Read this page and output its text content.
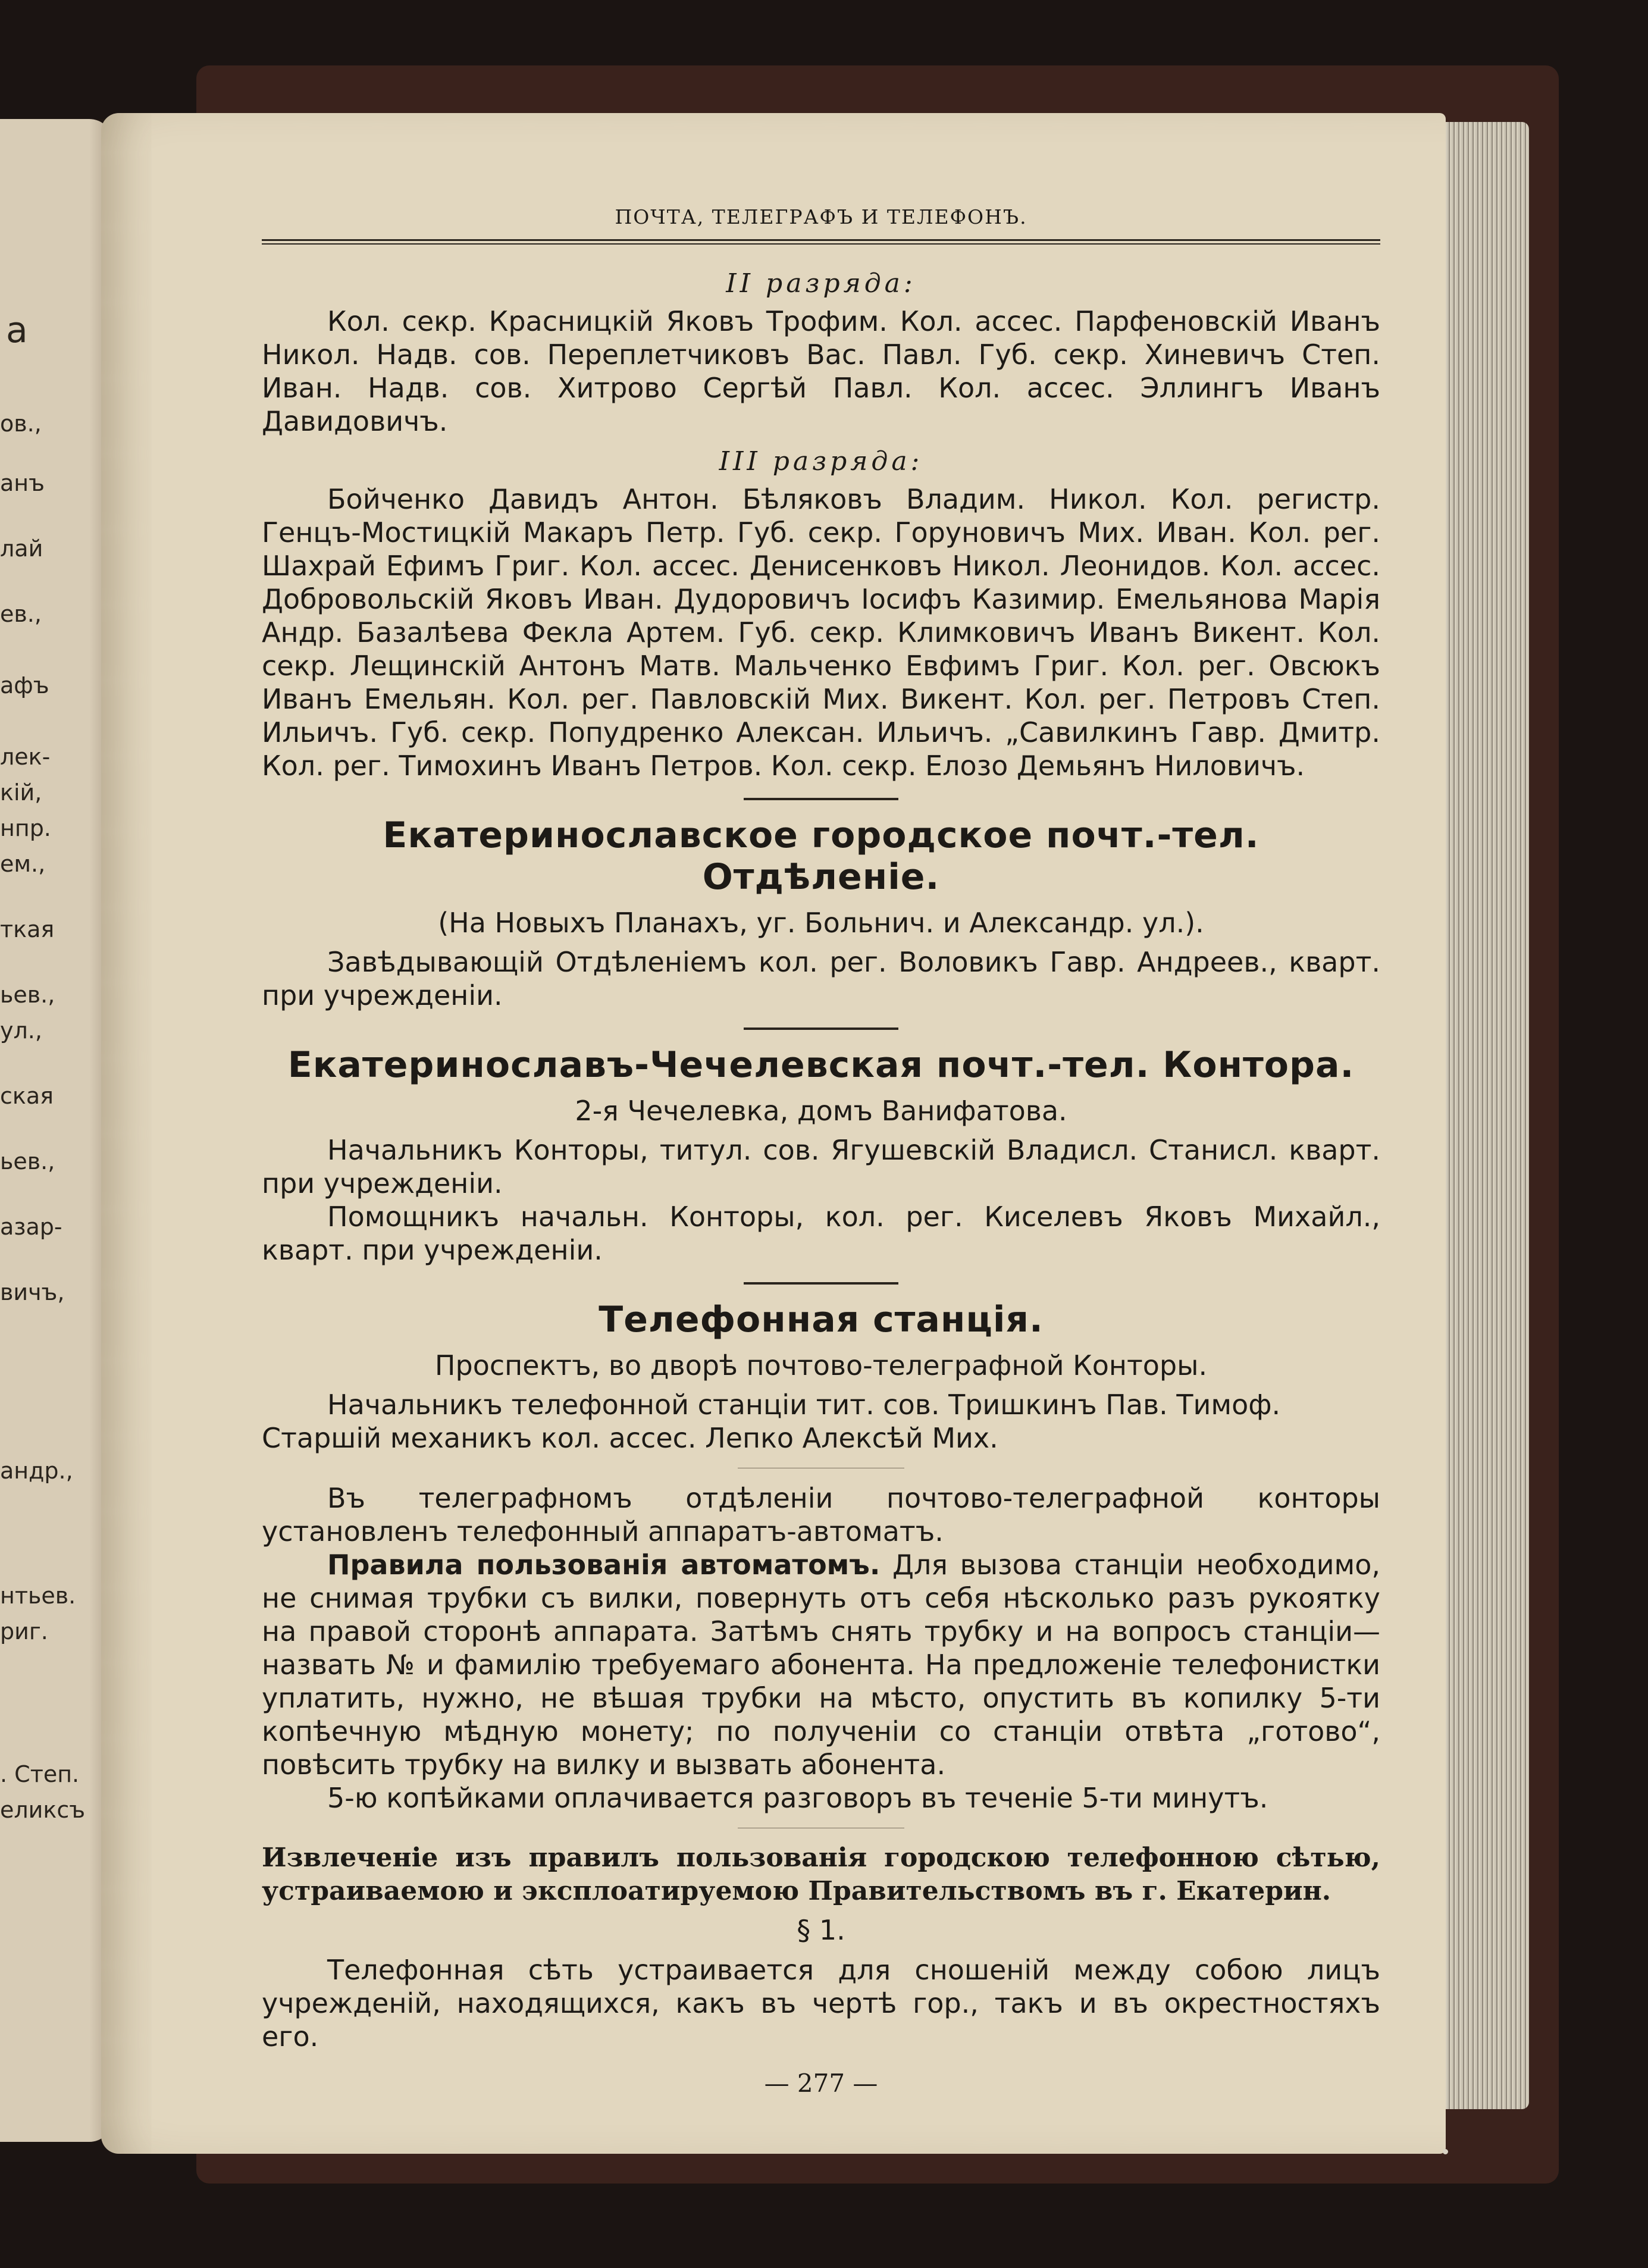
а
ов.,
анъ
лай
ев.,
афъ
лек-
кій,
нпр.
ем.,
ткая
ьев.,
ул.,
ская
ьев.,
азар-
вичъ,
андр.,
нтьев.
риг.
. Степ.
еликсъ
ПОЧТА, ТЕЛЕГРАФЪ И ТЕЛЕФОНЪ.
II разряда:

Кол. секр. Красницкій Яковъ Трофим. Кол. ассес. Парфеновскій Иванъ Никол. Надв. сов. Переплетчиковъ Вас. Павл. Губ. секр. Хиневичъ Степ. Иван. Надв. сов. Хитрово Сергѣй Павл. Кол. ассес. Эллингъ Иванъ Давидовичъ.

III разряда:

Бойченко Давидъ Антон. Бѣляковъ Владим. Никол. Кол. регистр. Генцъ-Мостицкій Макаръ Петр. Губ. секр. Горуновичъ Мих. Иван. Кол. рег. Шахрай Ефимъ Григ. Кол. ассес. Денисенковъ Никол. Леонидов. Кол. ассес. Добровольскій Яковъ Иван. Дудоровичъ Іосифъ Казимир. Емельянова Марія Андр. Базалѣева Фекла Артем. Губ. секр. Климковичъ Иванъ Викент. Кол. секр. Лещинскій Антонъ Матв. Мальченко Евфимъ Григ. Кол. рег. Овсюкъ Иванъ Емельян. Кол. рег. Павловскій Мих. Викент. Кол. рег. Петровъ Степ. Ильичъ. Губ. секр. Попудренко Алексан. Ильичъ. „Савилкинъ Гавр. Дмитр. Кол. рег. Тимохинъ Иванъ Петров. Кол. секр. Елозо Демьянъ Ниловичъ.

Екатеринославское городское почт.-тел. Отдѣленіе.
(На Новыхъ Планахъ, уг. Больнич. и Александр. ул.).

Завѣдывающій Отдѣленіемъ кол. рег. Воловикъ Гавр. Андреев., кварт. при учрежденіи.

Екатеринославъ-Чечелевская почт.-тел. Контора.
2-я Чечелевка, домъ Ванифатова.

Начальникъ Конторы, титул. сов. Ягушевскій Владисл. Станисл. кварт. при учрежденіи.

Помощникъ начальн. Конторы, кол. рег. Киселевъ Яковъ Михайл., кварт. при учрежденіи.

Телефонная станція.
Проспектъ, во дворѣ почтово-телеграфной Конторы.

Начальникъ телефонной станціи тит. сов. Тришкинъ Пав. Тимоф.

Старшій механикъ кол. ассес. Лепко Алексѣй Мих.

Въ телеграфномъ отдѣленіи почтово-телеграфной конторы установленъ телефонный аппаратъ-автоматъ.

Правила пользованія автоматомъ. Для вызова станціи необходимо, не снимая трубки съ вилки, повернуть отъ себя нѣсколько разъ рукоятку на правой сторонѣ аппарата. Затѣмъ снять трубку и на вопросъ станціи—назвать № и фамилію требуемаго абонента. На предложеніе телефонистки уплатить, нужно, не вѣшая трубки на мѣсто, опустить въ копилку 5-ти копѣечную мѣдную монету; по полученіи со станціи отвѣта „готово“, повѣсить трубку на вилку и вызвать абонента.

5-ю копѣйками оплачивается разговоръ въ теченіе 5-ти минутъ.

Извлеченіе изъ правилъ пользованія городскою телефонною сѣтью, устраиваемою и эксплоатируемою Правительствомъ въ г. Екатерин.
§ 1.

Телефонная сѣть устраивается для сношеній между собою лицъ учрежденій, находящихся, какъ въ чертѣ гор., такъ и въ окрестностяхъ его.

— 277 —
